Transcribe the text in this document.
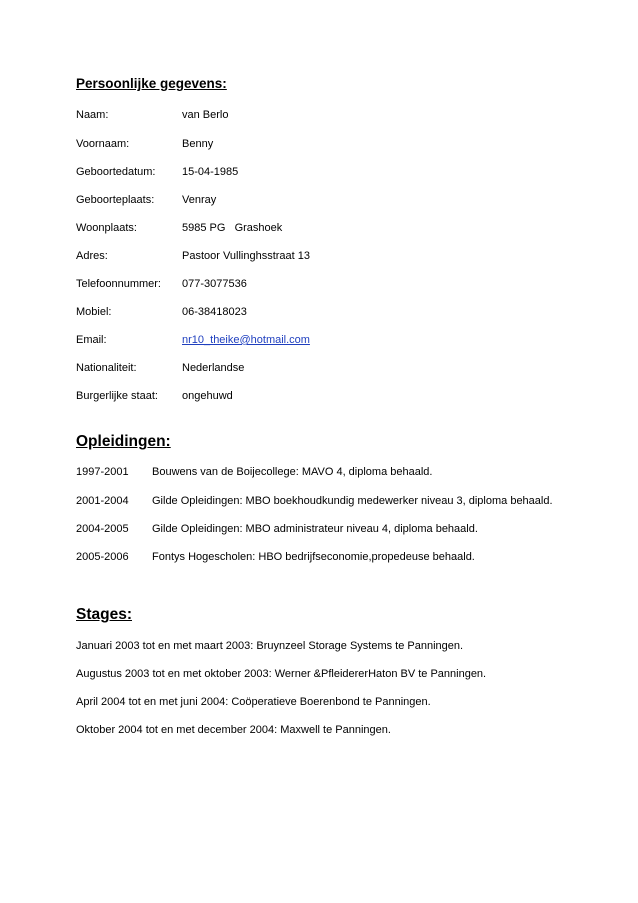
Persoonlijke gegevens:
Naam:	van Berlo
Voornaam:	Benny
Geboortedatum: 15-04-1985
Geboorteplaats:	Venray
Woonplaats:	5985 PG   Grashoek
Adres:	Pastoor Vullinghsstraat 13
Telefoonnummer: 077-3077536
Mobiel:	06-38418023
Email:	nr10_theike@hotmail.com
Nationaliteit:	Nederlandse
Burgerlijke staat: ongehuwd
Opleidingen:
1997-2001 Bouwens van de Boijecollege: MAVO 4, diploma behaald.
2001-2004 Gilde Opleidingen: MBO boekhoudkundig medewerker niveau 3, diploma behaald.
2004-2005 Gilde Opleidingen: MBO administrateur niveau 4, diploma behaald.
2005-2006 Fontys Hogescholen: HBO bedrijfseconomie,propedeuse behaald.
Stages:
Januari 2003 tot en met maart 2003: Bruynzeel Storage Systems te Panningen.
Augustus 2003 tot en met oktober 2003: Werner &PfleidererHaton BV te Panningen.
April 2004 tot en met juni 2004: Coöperatieve Boerenbond te Panningen.
Oktober 2004 tot en met december 2004: Maxwell te Panningen.
